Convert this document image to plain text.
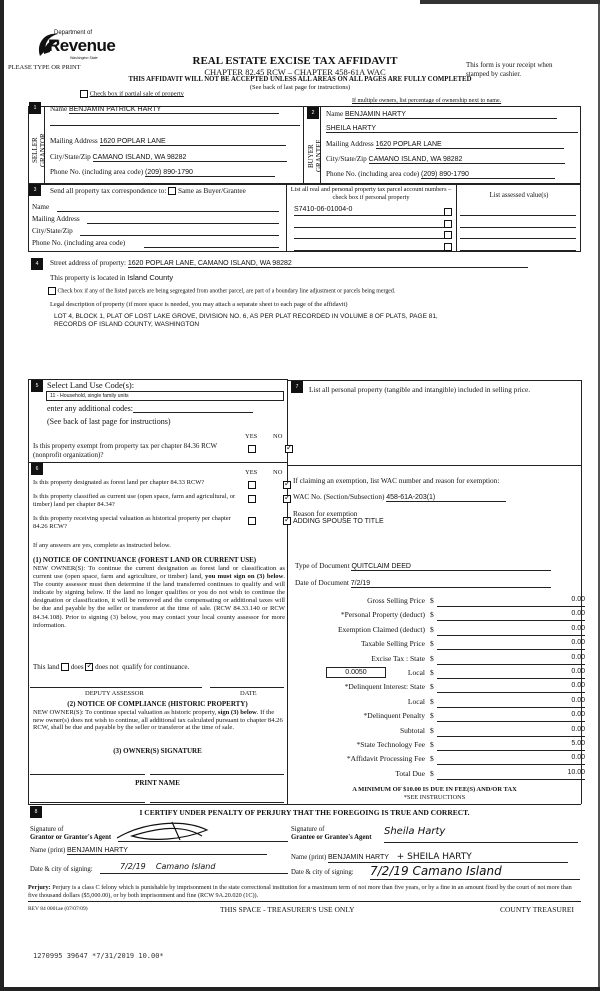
Department of
Revenue
Washington State
PLEASE TYPE OR PRINT
REAL ESTATE EXCISE TAX AFFIDAVIT
CHAPTER 82.45 RCW – CHAPTER 458-61A WAC
THIS AFFIDAVIT WILL NOT BE ACCEPTED UNLESS ALL AREAS ON ALL PAGES ARE FULLY COMPLETED
(See back of last page for instructions)
This form is your receipt when stamped by cashier.
Check box if partial sale of property
If multiple owners, list percentage of ownership next to name.
1
SELLER
GRANTOR
Name BENJAMIN PATRICK HARTY
Mailing Address 1620 POPLAR LANE
City/State/Zip CAMANO ISLAND, WA 98282
Phone No. (including area code) (209) 890-1790
2
BUYER
GRANTEE
Name BENJAMIN HARTY
SHEILA HARTY
Mailing Address 1620 POPLAR LANE
City/State/Zip CAMANO ISLAND, WA 98282
Phone No. (including area code) (209) 890-1790
3	Send all property tax correspondence to: Same as Buyer/Grantee
Name
Mailing Address
City/State/Zip
Phone No. (including area code)
List all real and personal property tax parcel account numbers – check box if personal property	List assessed value(s)
S7410-06-01004-0
4	Street address of property: 1620 POPLAR LANE, CAMANO ISLAND, WA 98282
This property is located in Island County
Check box if any of the listed parcels are being segregated from another parcel, are part of a boundary line adjustment or parcels being merged.
Legal description of property (if more space is needed, you may attach a separate sheet to each page of the affidavit)
LOT 4, BLOCK 1, PLAT OF LOST LAKE GROVE, DIVISION NO. 6, AS PER PLAT RECORDED IN VOLUME 8 OF PLATS, PAGE 81,
RECORDS OF ISLAND COUNTY, WASHINGTON
5	Select Land Use Code(s):
11 - Household, single family units
enter any additional codes:
(See back of last page for instructions)
YES NO
Is this property exempt from property tax per chapter 84.36 RCW (nonprofit organization)?
✓
6	YES NO
Is this property designated as forest land per chapter 84.33 RCW?
✓
Is this property classified as current use (open space, farm and agricultural, or timber) land per chapter 84.34?
✓
Is this property receiving special valuation as historical property per chapter 84.26 RCW?
✓
If any answers are yes, complete as instructed below.
(1) NOTICE OF CONTINUANCE (FOREST LAND OR CURRENT USE)
NEW OWNER(S): To continue the current designation as forest land or classification as current use (open space, farm and agriculture, or timber) land, you must sign on (3) below. The county assessor must then determine if the land transferred continues to qualify and will indicate by signing below. If the land no longer qualifies or you do not wish to continue the designation or classification, it will be removed and the compensating or additional taxes will be due and payable by the seller or transferor at the time of sale. (RCW 84.33.140 or RCW 84.34.108). Prior to signing (3) below, you may contact your local county assessor for more information.
This land does ✓ does not qualify for continuance.
DEPUTY ASSESSOR	DATE
(2) NOTICE OF COMPLIANCE (HISTORIC PROPERTY)
NEW OWNER(S): To continue special valuation as historic property, sign (3) below. If the new owner(s) does not wish to continue, all additional tax calculated pursuant to chapter 84.26 RCW, shall be due and payable by the seller or transferor at the time of sale.
(3) OWNER(S) SIGNATURE
PRINT NAME
7	List all personal property (tangible and intangible) included in selling price.
If claiming an exemption, list WAC number and reason for exemption:
WAC No. (Section/Subsection) 458-61A-203(1)
Reason for exemption
ADDING SPOUSE TO TITLE
Type of Document QUITCLAIM DEED
Date of Document 7/2/19
0.0050
Gross Selling Price $	0.00
*Personal Property (deduct) $	0.00
Exemption Claimed (deduct) $	0.00
Taxable Selling Price $	0.00
Excise Tax : State $	0.00
Local $	0.00
*Delinquent Interest: State $	0.00
Local $	0.00
*Delinquent Penalty $	0.00
Subtotal $	0.00
*State Technology Fee $	5.00
*Affidavit Processing Fee $	0.00
Total Due $	10.00
A MINIMUM OF $10.00 IS DUE IN FEE(S) AND/OR TAX
*SEE INSTRUCTIONS
8	I CERTIFY UNDER PENALTY OF PERJURY THAT THE FOREGOING IS TRUE AND CORRECT.
Signature of
Grantor or Grantor's Agent
Name (print) BENJAMIN HARTY
Date & city of signing:	7/2/19 Camano Island
Signature of
Grantee or Grantee's Agent
Sheila Harty
Name (print) BENJAMIN HARTY + SHEILA HARTY
Date & city of signing: 7/2/19 Camano Island
Perjury: Perjury is a class C felony which is punishable by imprisonment in the state correctional institution for a maximum term of not more than five years, or by a fine in an amount fixed by the court of not more than five thousand dollars ($5,000.00), or by both imprisonment and fine (RCW 9A.20.020 (1C)).
REV 84 0001ae (07/07/09)	THIS SPACE - TREASURER'S USE ONLY	COUNTY TREASUREI
1270995 39647 *7/31/2019 10.00*
